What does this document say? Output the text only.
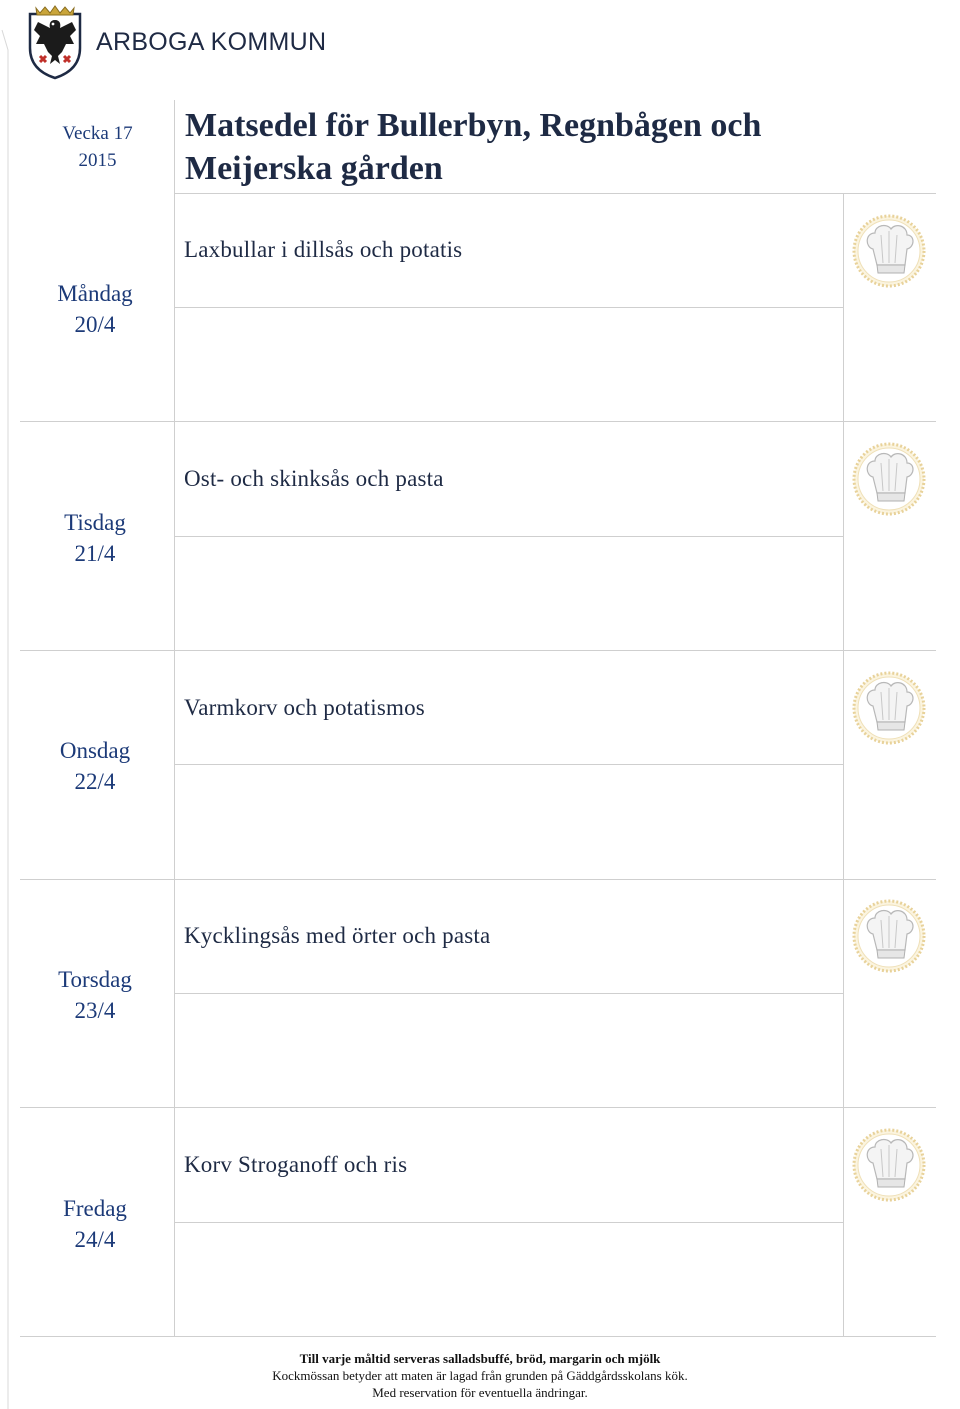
ARBOGA KOMMUN
Vecka 17
2015
Matsedel för Bullerbyn, Regnbågen och Meijerska gården
Måndag
20/4
Laxbullar i dillsås och potatis
Tisdag
21/4
Ost- och skinksås och pasta
Onsdag
22/4
Varmkorv och potatismos
Torsdag
23/4
Kycklingsås med örter och pasta
Fredag
24/4
Korv Stroganoff och ris
Till varje måltid serveras salladsbuffé, bröd, margarin och mjölk
Kockmössan betyder att maten är lagad från grunden på Gäddgårdsskolans kök.
Med reservation för eventuella ändringar.
